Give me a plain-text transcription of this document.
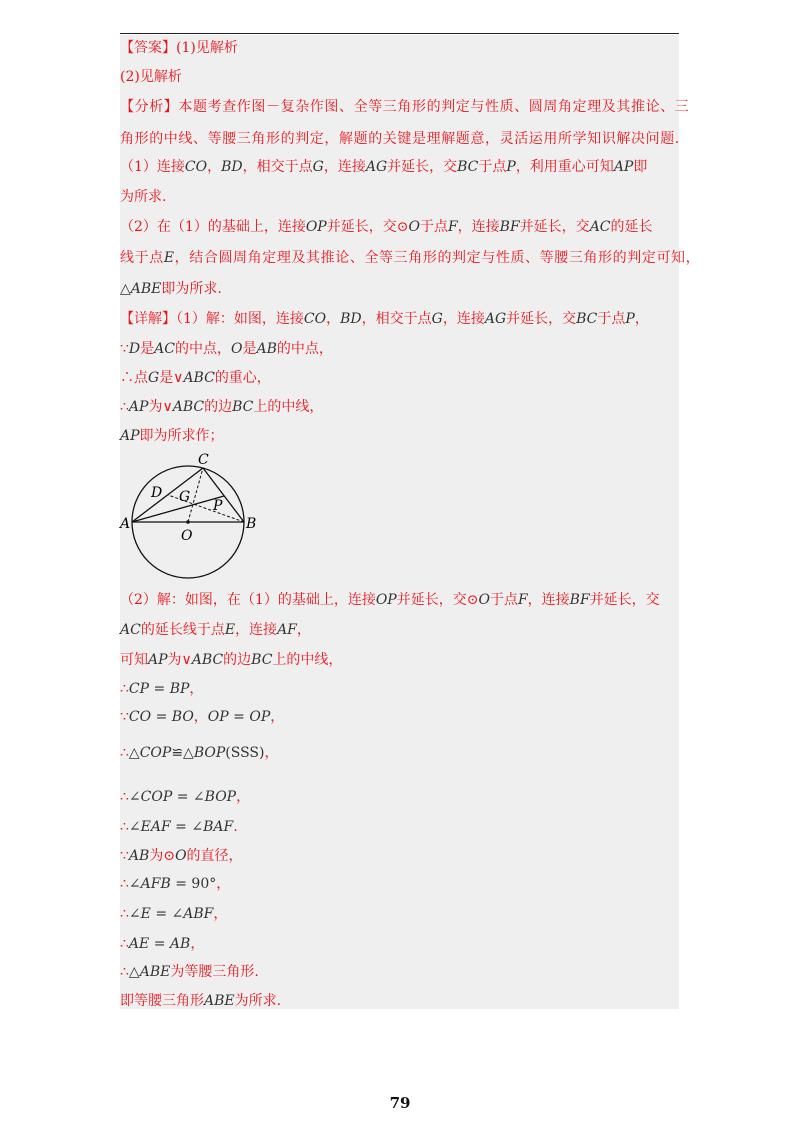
【答案】(1)见解析
(2)见解析
【分析】本题考查作图－复杂作图、全等三角形的判定与性质、圆周角定理及其推论、三
角形的中线、等腰三角形的判定，解题的关键是理解题意，灵活运用所学知识解决问题.
（1）连接CO，BD，相交于点G，连接AG并延长，交BC于点P，利用重心可知AP即
为所求.
（2）在（1）的基础上，连接OP并延长，交⊙O于点F，连接BF并延长，交AC的延长
线于点E，结合圆周角定理及其推论、全等三角形的判定与性质、等腰三角形的判定可知，
△ABE即为所求.
【详解】（1）解：如图，连接CO，BD，相交于点G，连接AG并延长，交BC于点P，
∵D是AC的中点，O是AB的中点，
∴点G是∨ABC的重心，
∴AP为∨ABC的边BC上的中线，
AP即为所求作；
（2）解：如图，在（1）的基础上，连接OP并延长，交⊙O于点F，连接BF并延长，交
AC的延长线于点E，连接AF，
可知AP为∨ABC的边BC上的中线，
∴CP = BP，
∵CO = BO，OP = OP，
∴△COP≌△BOP(SSS)，
∴∠COP = ∠BOP，
∴∠EAF = ∠BAF.
∵AB为⊙O的直径，
∴∠AFB = 90°，
∴∠E = ∠ABF，
∴AE = AB，
∴△ABE为等腰三角形.
即等腰三角形ABE为所求.
A	B
C
D G
P
O
79
